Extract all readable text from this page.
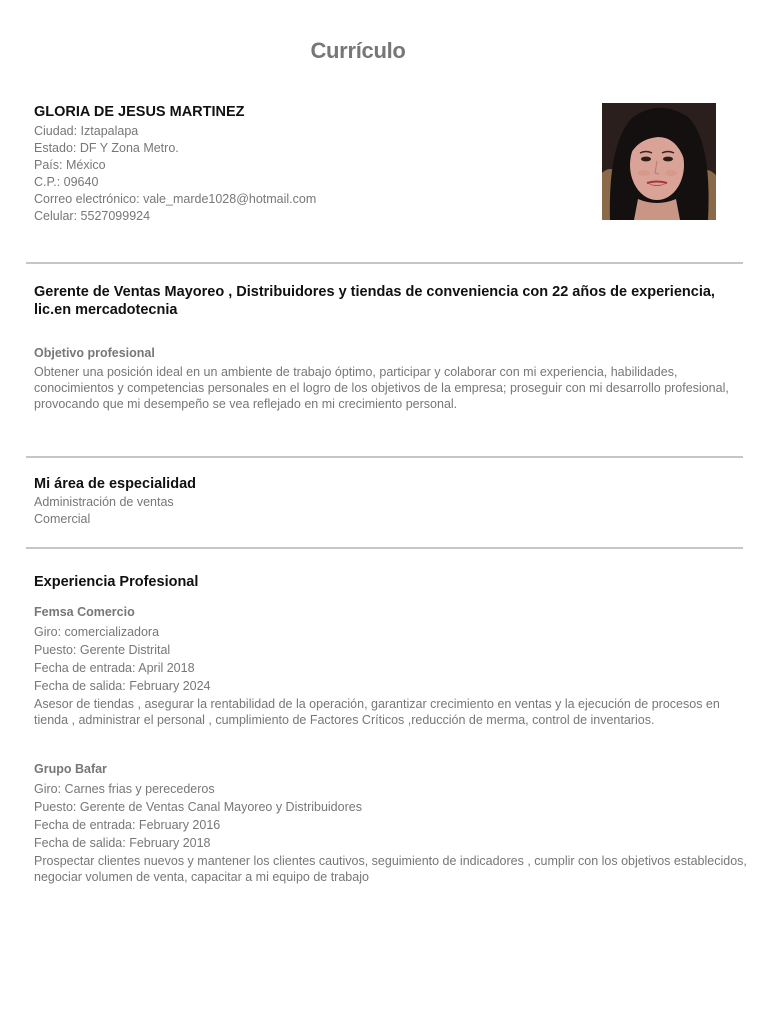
Currículo
GLORIA DE JESUS MARTINEZ
Ciudad: Iztapalapa
Estado: DF Y Zona Metro.
País: México
C.P.: 09640
Correo electrónico: vale_marde1028@hotmail.com
Celular: 5527099924
Gerente de Ventas Mayoreo , Distribuidores y tiendas de conveniencia con 22 años de experiencia, lic.en mercadotecnia
Objetivo profesional
Obtener una posición ideal en un ambiente de trabajo óptimo, participar y colaborar con mi experiencia, habilidades, conocimientos y competencias personales en el logro de los objetivos de la empresa; proseguir con mi desarrollo profesional, provocando que mi desempeño se vea reflejado en mi crecimiento personal.
Mi área de especialidad
Administración de ventas
Comercial
Experiencia Profesional
Femsa Comercio
Giro: comercializadora
Puesto: Gerente Distrital
Fecha de entrada: April 2018
Fecha de salida: February 2024
Asesor de tiendas , asegurar la rentabilidad de la operación, garantizar crecimiento en ventas y la ejecución de procesos en tienda , administrar el personal , cumplimiento de Factores Críticos ,reducción de merma, control de inventarios.
Grupo Bafar
Giro: Carnes frias y perecederos
Puesto: Gerente de Ventas Canal Mayoreo y Distribuidores
Fecha de entrada: February 2016
Fecha de salida: February 2018
Prospectar clientes nuevos y mantener los clientes cautivos, seguimiento de indicadores , cumplir con los objetivos establecidos, negociar volumen de venta, capacitar a mi equipo de trabajo
